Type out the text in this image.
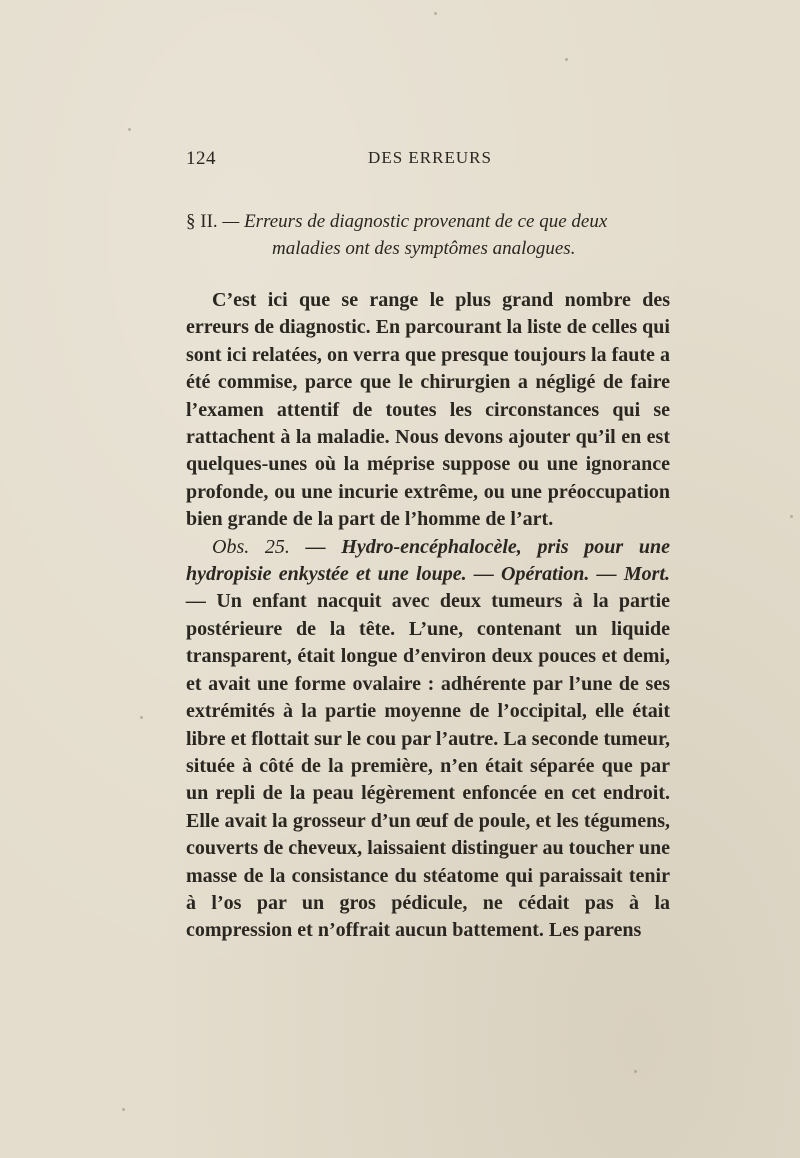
124	DES ERREURS
§ II. — Erreurs de diagnostic provenant de ce que deux
maladies ont des symptômes analogues.

C’est ici que se range le plus grand nombre des erreurs de diagnostic. En parcourant la liste de celles qui sont ici relatées, on verra que presque toujours la faute a été commise, parce que le chirurgien a négligé de faire l’examen attentif de toutes les circonstances qui se rattachent à la maladie. Nous devons ajouter qu’il en est quelques-unes où la méprise suppose ou une ignorance profonde, ou une incurie extrême, ou une préoccupation bien grande de la part de l’homme de l’art.

Obs. 25. — Hydro-encéphalocèle, pris pour une hydropisie enkystée et une loupe. — Opération. — Mort. — Un enfant nacquit avec deux tumeurs à la partie postérieure de la tête. L’une, contenant un liquide transparent, était longue d’environ deux pouces et demi, et avait une forme ovalaire : adhérente par l’une de ses extrémités à la partie moyenne de l’occipital, elle était libre et flottait sur le cou par l’autre. La seconde tumeur, située à côté de la première, n’en était séparée que par un repli de la peau légèrement enfoncée en cet endroit. Elle avait la grosseur d’un œuf de poule, et les tégumens, couverts de cheveux, laissaient distinguer au toucher une masse de la consistance du stéatome qui paraissait tenir à l’os par un gros pédicule, ne cédait pas à la compression et n’offrait aucun battement. Les parens
